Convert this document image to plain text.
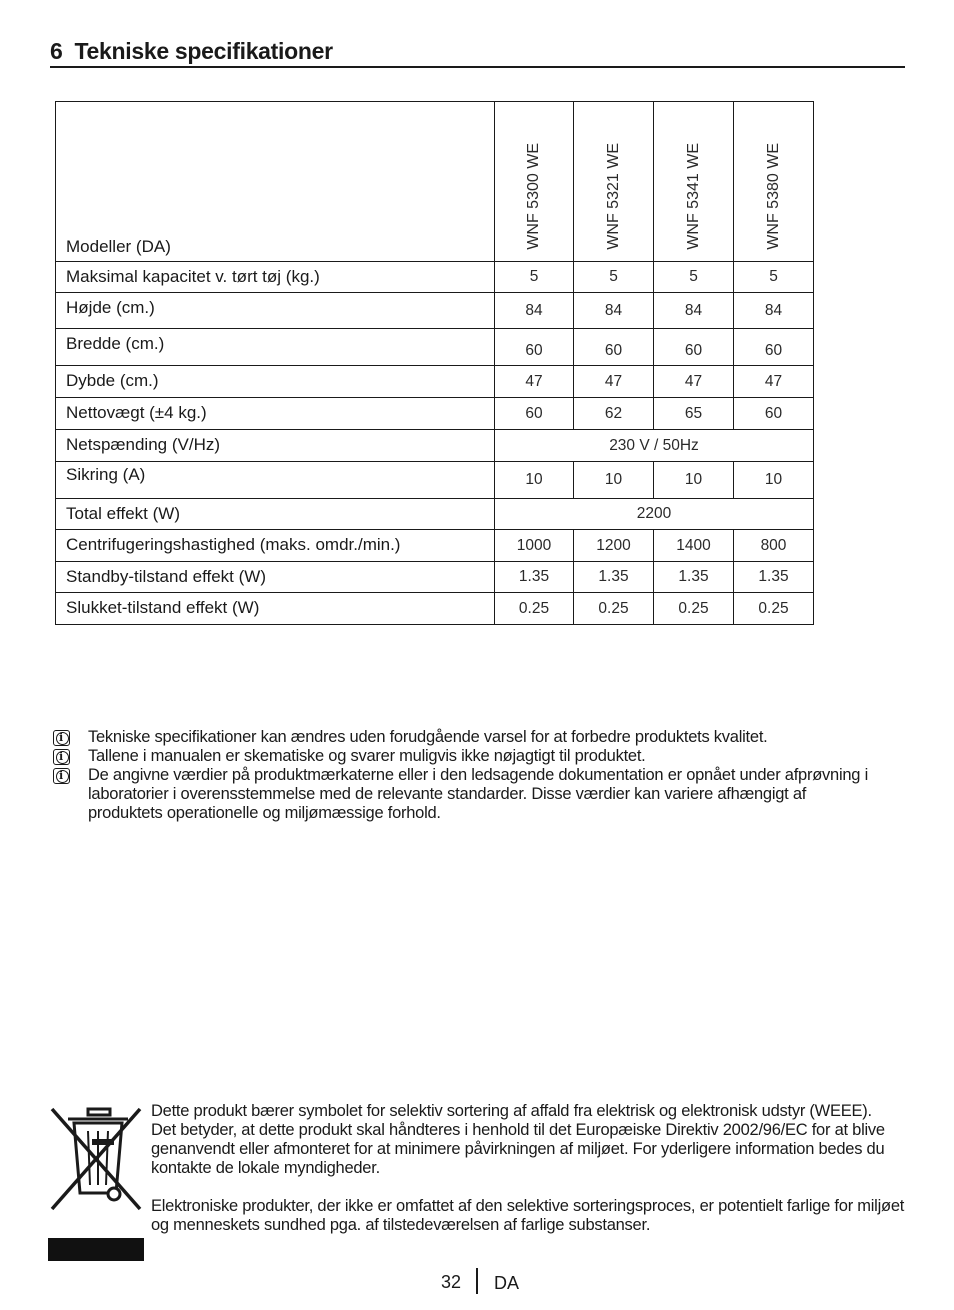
6 Tekniske specifikationer
Modeller (DA)	WNF 5300 WE	WNF 5321 WE	WNF 5341 WE	WNF 5380 WE
Maksimal kapacitet v. tørt tøj (kg.)	5	5	5	5
Højde (cm.)	84	84	84	84
Bredde (cm.)	60	60	60	60
Dybde (cm.)	47	47	47	47
Nettovægt (±4 kg.)	60	62	65	60
Netspænding (V/Hz)	230 V / 50Hz			
Sikring (A)	10	10	10	10
Total effekt (W)	2200			
Centrifugeringshastighed (maks. omdr./min.)	1000	1200	1400	800
Standby-tilstand effekt (W)	1.35	1.35	1.35	1.35
Slukket-tilstand effekt (W)	0.25	0.25	0.25	0.25
i
Tekniske specifikationer kan ændres uden forudgående varsel for at forbedre produktets kvalitet.
i
Tallene i manualen er skematiske og svarer muligvis ikke nøjagtigt til produktet.
i
De angivne værdier på produktmærkaterne eller i den ledsagende dokumentation er opnået under afprøvning i laboratorier i overensstemmelse med de relevante standarder. Disse værdier kan variere afhængigt af produktets operationelle og miljømæssige forhold.
Dette produkt bærer symbolet for selektiv sortering af affald fra elektrisk og elektronisk udstyr (WEEE).

Det betyder, at dette produkt skal håndteres i henhold til det Europæiske Direktiv 2002/96/EC for at blive genanvendt eller afmonteret for at minimere påvirkningen af miljøet. For yderligere information bedes du kontakte de lokale myndigheder.

Elektroniske produkter, der ikke er omfattet af den selektive sorteringsproces, er potentielt farlige for miljøet og menneskets sundhed pga. af tilstedeværelsen af farlige substanser.

32 DA
